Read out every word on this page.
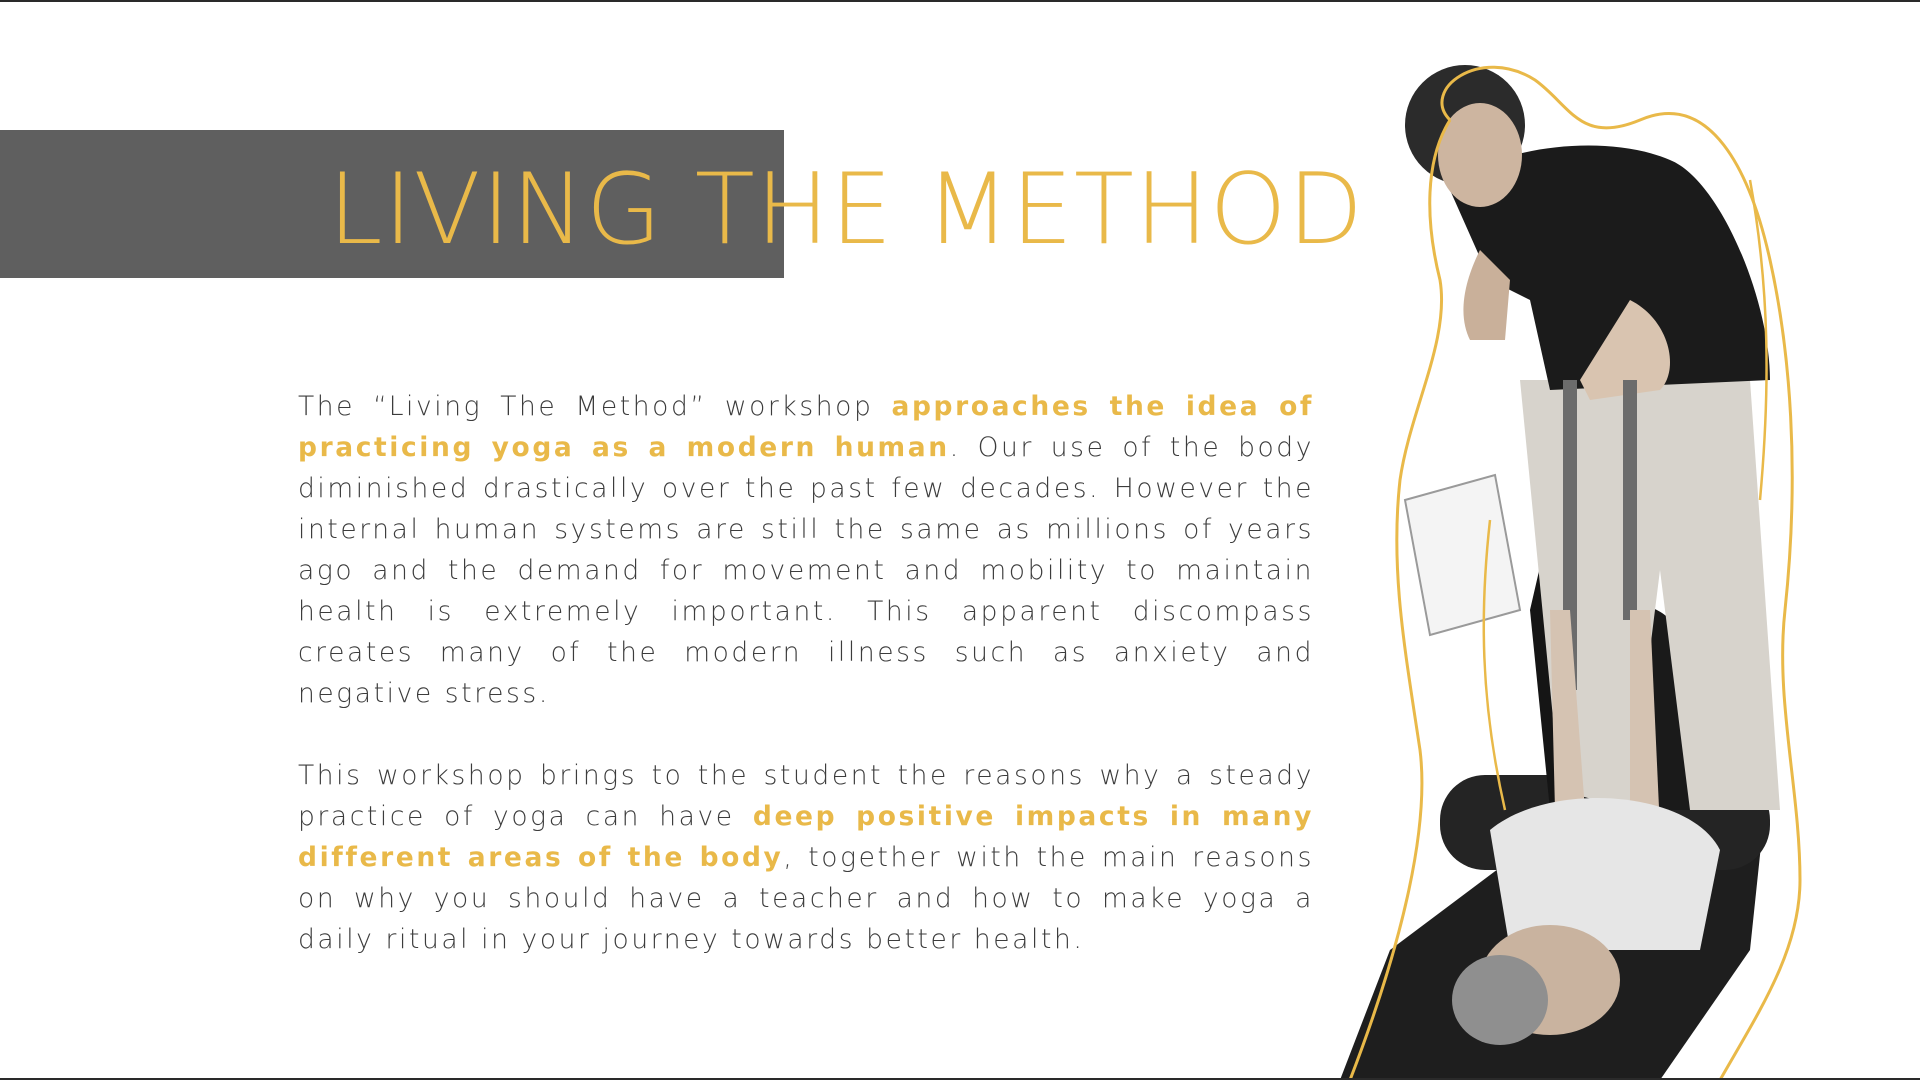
LIVING THE METHOD

The “Living The Method” workshop approaches the idea of practicing yoga as a modern human. Our use of the body diminished drastically over the past few decades. However the internal human systems are still the same as millions of years ago and the demand for movement and mobility to maintain health is extremely important. This apparent discompass creates many of the modern illness such as anxiety and negative stress.

This workshop brings to the student the reasons why a steady practice of yoga can have deep positive impacts in many different areas of the body, together with the main reasons on why you should have a teacher and how to make yoga a daily ritual in your journey towards better health.
